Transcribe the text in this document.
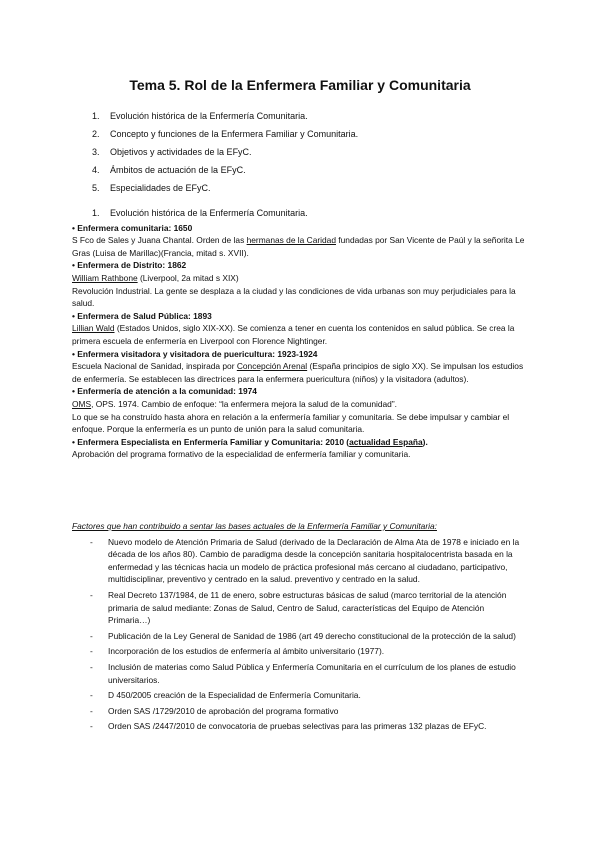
Tema 5. Rol de la Enfermera Familiar y Comunitaria
1. Evolución histórica de la Enfermería Comunitaria.
2. Concepto y funciones de la Enfermera Familiar y Comunitaria.
3. Objetivos y actividades de la EFyC.
4. Ámbitos de actuación de la EFyC.
5. Especialidades de EFyC.

1. Evolución histórica de la Enfermería Comunitaria.

• Enfermera comunitaria: 1650

S Fco de Sales y Juana Chantal. Orden de las hermanas de la Caridad fundadas por San Vicente de Paúl y la señorita Le Gras (Luisa de Marillac)(Francia, mitad s. XVII).

• Enfermera de Distrito: 1862

William Rathbone (Liverpool, 2a mitad s XIX)

Revolución Industrial. La gente se desplaza a la ciudad y las condiciones de vida urbanas son muy perjudiciales para la salud.

• Enfermera de Salud Pública: 1893

Lillian Wald (Estados Unidos, siglo XIX-XX). Se comienza a tener en cuenta los contenidos en salud pública. Se crea la primera escuela de enfermería en Liverpool con Florence Nightinger.

• Enfermera visitadora y visitadora de puericultura: 1923-1924

Escuela Nacional de Sanidad, inspirada por Concepción Arenal (España principios de siglo XX). Se impulsan los estudios de enfermería. Se establecen las directrices para la enfermera puericultura (niños) y la visitadora (adultos).

• Enfermería de atención a la comunidad: 1974

OMS, OPS. 1974. Cambio de enfoque: “la enfermera mejora la salud de la comunidad”.

Lo que se ha construído hasta ahora en relación a la enfermería familiar y comunitaria. Se debe impulsar y cambiar el enfoque. Porque la enfermería es un punto de unión para la salud comunitaria.

• Enfermera Especialista en Enfermería Familiar y Comunitaria: 2010 (actualidad España).

Aprobación del programa formativo de la especialidad de enfermería familiar y comunitaria.

Factores que han contribuido a sentar las bases actuales de la Enfermería Familiar y Comunitaria:

- Nuevo modelo de Atención Primaria de Salud (derivado de la Declaración de Alma Ata de 1978 e iniciado en la década de los años 80). Cambio de paradigma desde la concepción sanitaria hospitalocentrista basada en la enfermedad y las técnicas hacia un modelo de práctica profesional más cercano al ciudadano, participativo, multidisciplinar, preventivo y centrado en la salud. preventivo y centrado en la salud.
- Real Decreto 137/1984, de 11 de enero, sobre estructuras básicas de salud (marco territorial de la atención primaria de salud mediante: Zonas de Salud, Centro de Salud, características del Equipo de Atención Primaria…)
- Publicación de la Ley General de Sanidad de 1986 (art 49 derecho constitucional de la protección de la salud)
- Incorporación de los estudios de enfermería al ámbito universitario (1977).
- Inclusión de materias como Salud Pública y Enfermería Comunitaria en el currículum de los planes de estudio universitarios.
- D 450/2005 creación de la Especialidad de Enfermería Comunitaria.
- Orden SAS /1729/2010 de aprobación del programa formativo
- Orden SAS /2447/2010 de convocatoria de pruebas selectivas para las primeras 132 plazas de EFyC.
